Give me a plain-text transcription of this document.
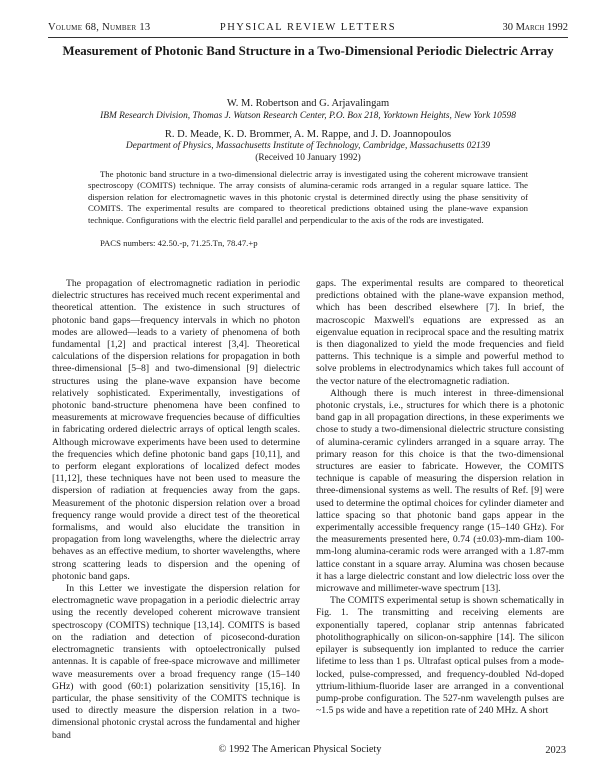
Volume 68, Number 13	PHYSICAL REVIEW LETTERS	30 March 1992
Measurement of Photonic Band Structure in a Two-Dimensional Periodic Dielectric Array
W. M. Robertson and G. Arjavalingam
IBM Research Division, Thomas J. Watson Research Center, P.O. Box 218, Yorktown Heights, New York 10598
R. D. Meade, K. D. Brommer, A. M. Rappe, and J. D. Joannopoulos
Department of Physics, Massachusetts Institute of Technology, Cambridge, Massachusetts 02139
(Received 10 January 1992)
The photonic band structure in a two-dimensional dielectric array is investigated using the coherent microwave transient spectroscopy (COMITS) technique. The array consists of alumina-ceramic rods arranged in a regular square lattice. The dispersion relation for electromagnetic waves in this photonic crystal is determined directly using the phase sensitivity of COMITS. The experimental results are compared to theoretical predictions obtained using the plane-wave expansion technique. Configurations with the electric field parallel and perpendicular to the axis of the rods are investigated.
PACS numbers: 42.50.-p, 71.25.Tn, 78.47.+p

The propagation of electromagnetic radiation in periodic dielectric structures has received much recent experimental and theoretical attention. The existence in such structures of photonic band gaps—frequency intervals in which no photon modes are allowed—leads to a variety of phenomena of both fundamental [1,2] and practical interest [3,4]. Theoretical calculations of the dispersion relations for propagation in both three-dimensional [5–8] and two-dimensional [9] dielectric structures using the plane-wave expansion have become relatively sophisticated. Experimentally, investigations of photonic band-structure phenomena have been confined to measurements at microwave frequencies because of difficulties in fabricating ordered dielectric arrays of optical length scales. Although microwave experiments have been used to determine the frequencies which define photonic band gaps [10,11], and to perform elegant explorations of localized defect modes [11,12], these techniques have not been used to measure the dispersion of radiation at frequencies away from the gaps. Measurement of the photonic dispersion relation over a broad frequency range would provide a direct test of the theoretical formalisms, and would also elucidate the transition in propagation from long wavelengths, where the dielectric array behaves as an effective medium, to shorter wavelengths, where strong scattering leads to dispersion and the opening of photonic band gaps.

In this Letter we investigate the dispersion relation for electromagnetic wave propagation in a periodic dielectric array using the recently developed coherent microwave transient spectroscopy (COMITS) technique [13,14]. COMITS is based on the radiation and detection of picosecond-duration electromagnetic transients with optoelectronically pulsed antennas. It is capable of free-space microwave and millimeter wave measurements over a broad frequency range (15–140 GHz) with good (60:1) polarization sensitivity [15,16]. In particular, the phase sensitivity of the COMITS technique is used to directly measure the dispersion relation in a two-dimensional photonic crystal across the fundamental and higher band

gaps. The experimental results are compared to theoretical predictions obtained with the plane-wave expansion method, which has been described elsewhere [7]. In brief, the macroscopic Maxwell's equations are expressed as an eigenvalue equation in reciprocal space and the resulting matrix is then diagonalized to yield the mode frequencies and field patterns. This technique is a simple and powerful method to solve problems in electrodynamics which takes full account of the vector nature of the electromagnetic radiation.

Although there is much interest in three-dimensional photonic crystals, i.e., structures for which there is a photonic band gap in all propagation directions, in these experiments we chose to study a two-dimensional dielectric structure consisting of alumina-ceramic cylinders arranged in a square array. The primary reason for this choice is that the two-dimensional structures are easier to fabricate. However, the COMITS technique is capable of measuring the dispersion relation in three-dimensional systems as well. The results of Ref. [9] were used to determine the optimal choices for cylinder diameter and lattice spacing so that photonic band gaps appear in the experimentally accessible frequency range (15–140 GHz). For the measurements presented here, 0.74 (±0.03)-mm-diam 100-mm-long alumina-ceramic rods were arranged with a 1.87-mm lattice constant in a square array. Alumina was chosen because it has a large dielectric constant and low dielectric loss over the microwave and millimeter-wave spectrum [13].

The COMITS experimental setup is shown schematically in Fig. 1. The transmitting and receiving elements are exponentially tapered, coplanar strip antennas fabricated photolithographically on silicon-on-sapphire [14]. The silicon epilayer is subsequently ion implanted to reduce the carrier lifetime to less than 1 ps. Ultrafast optical pulses from a mode-locked, pulse-compressed, and frequency-doubled Nd-doped yttrium-lithium-fluoride laser are arranged in a conventional pump-probe configuration. The 527-nm wavelength pulses are ~1.5 ps wide and have a repetition rate of 240 MHz. A short

© 1992 The American Physical Society	2023
